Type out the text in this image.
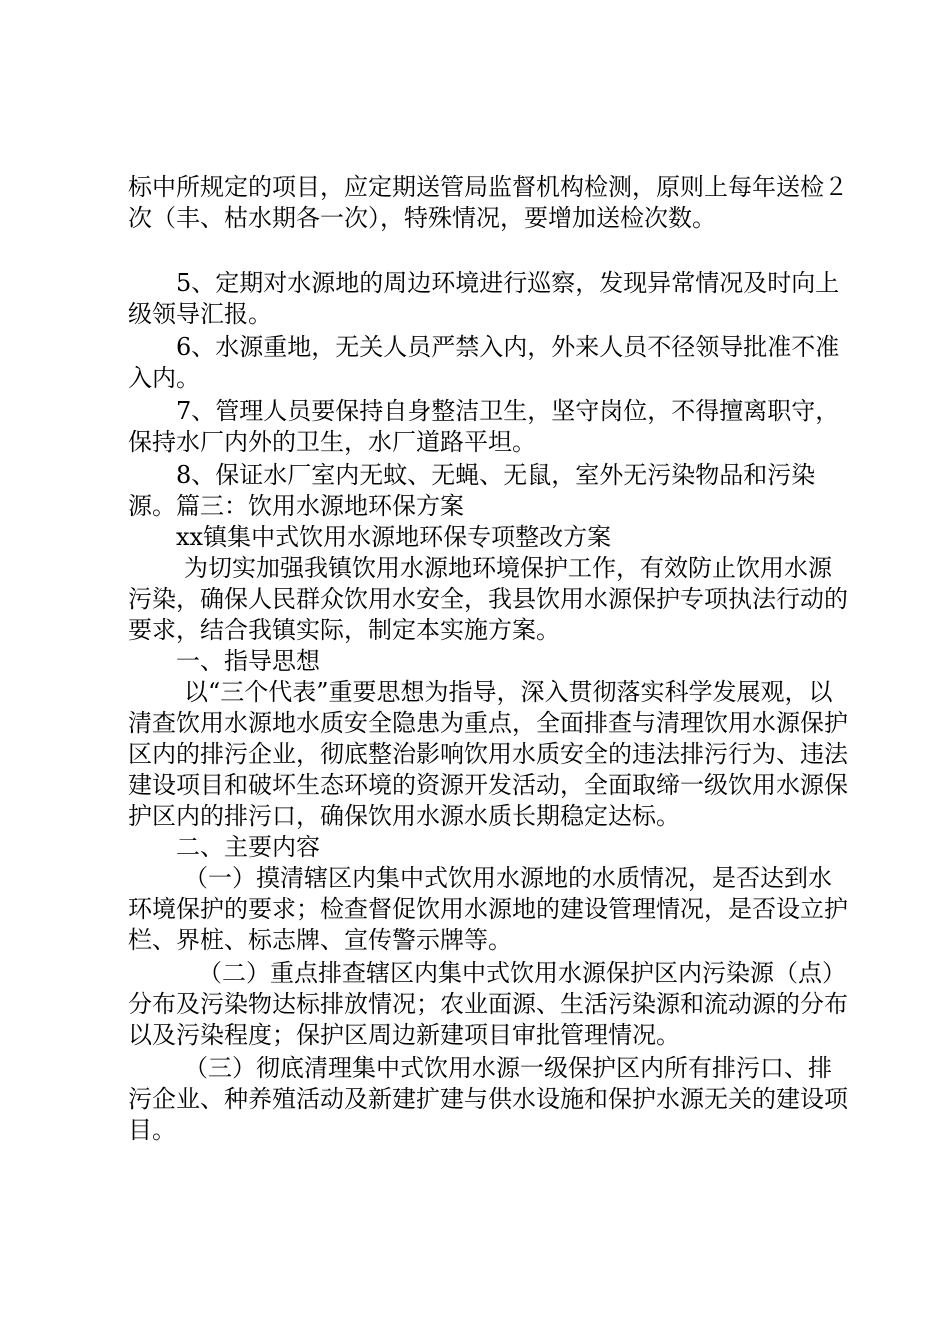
标中所规定的项目，应定期送管局监督机构检测，原则上每年送检２次（丰、枯水期各一次），特殊情况，要增加送检次数。

5、定期对水源地的周边环境进行巡察，发现异常情况及时向上级领导汇报。

6、水源重地，无关人员严禁入内，外来人员不径领导批准不准入内。

7、管理人员要保持自身整洁卫生，坚守岗位，不得擅离职守，保持水厂内外的卫生，水厂道路平坦。

8、保证水厂室内无蚊、无蝇、无鼠，室外无污染物品和污染源。篇三：饮用水源地环保方案

xx镇集中式饮用水源地环保专项整改方案

为切实加强我镇饮用水源地环境保护工作，有效防止饮用水源污染，确保人民群众饮用水安全，我县饮用水源保护专项执法行动的要求，结合我镇实际，制定本实施方案。

一、指导思想

以“三个代表”重要思想为指导，深入贯彻落实科学发展观，以清查饮用水源地水质安全隐患为重点，全面排查与清理饮用水源保护区内的排污企业，彻底整治影响饮用水质安全的违法排污行为、违法建设项目和破坏生态环境的资源开发活动，全面取缔一级饮用水源保护区内的排污口，确保饮用水源水质长期稳定达标。

二、主要内容

（一）摸清辖区内集中式饮用水源地的水质情况，是否达到水环境保护的要求；检查督促饮用水源地的建设管理情况，是否设立护栏、界桩、标志牌、宣传警示牌等。

（二）重点排查辖区内集中式饮用水源保护区内污染源（点）分布及污染物达标排放情况；农业面源、生活污染源和流动源的分布以及污染程度；保护区周边新建项目审批管理情况。

（三）彻底清理集中式饮用水源一级保护区内所有排污口、排污企业、种养殖活动及新建扩建与供水设施和保护水源无关的建设项目。
